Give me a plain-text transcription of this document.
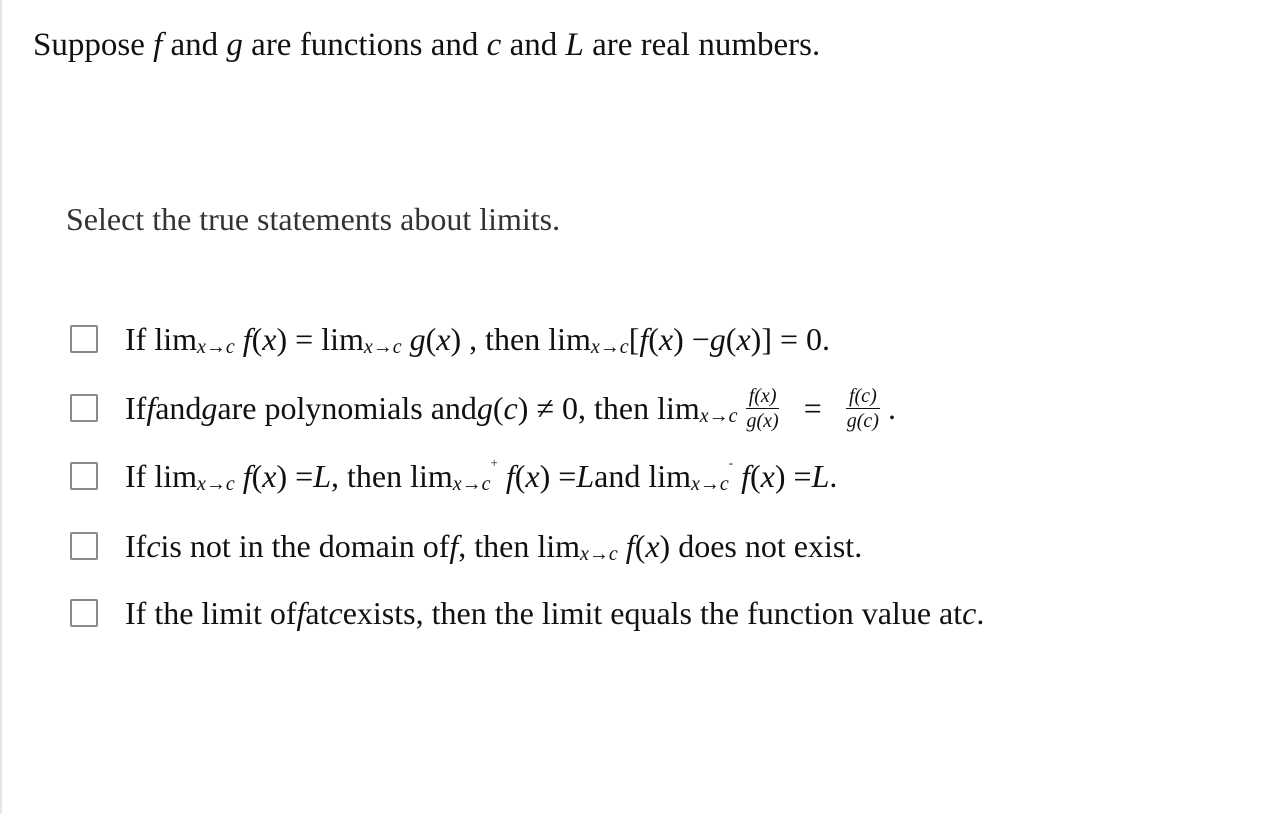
Suppose f and g are functions and c and L are real numbers.
Select the true statements about limits.
If lim x→c f ( x ) = lim x→c g ( x ) , then lim x→c [ f ( x ) − g ( x )] = 0.
If f and g are polynomials and g ( c ) ≠ 0, then $\lim x\to c \frac{f(x)}{g(x)} = \frac{f(c)}{g(c)}$ .
If lim x→c f ( x ) = L , then lim x→c
+ f ( x ) = L and lim x→c
- f ( x ) = L .
If c is not in the domain of f , then lim x→c f ( x ) does not exist.
If the limit of f at c exists, then the limit equals the function value at c .
